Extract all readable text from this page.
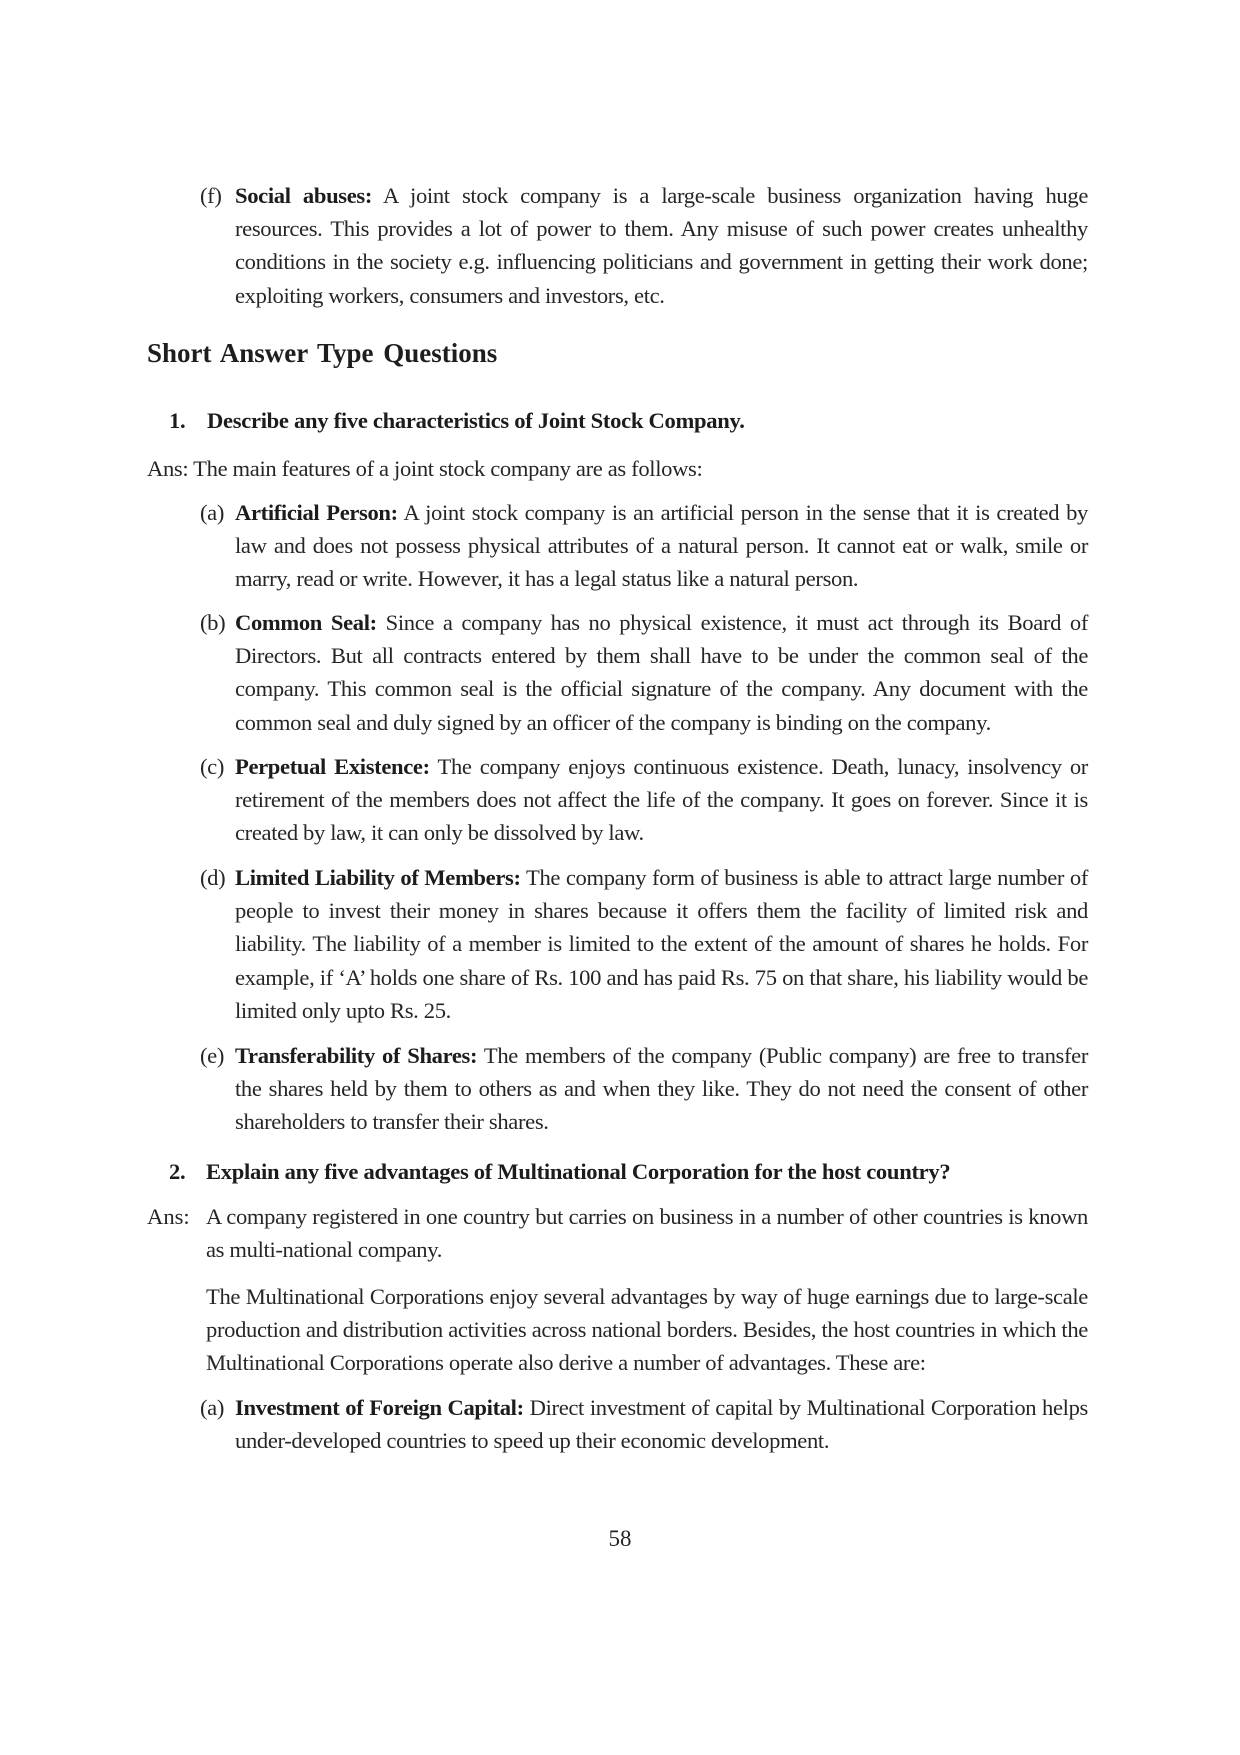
(f) Social abuses: A joint stock company is a large-scale business organization having huge resources. This provides a lot of power to them. Any misuse of such power creates unhealthy conditions in the society e.g. influencing politicians and government in getting their work done; exploiting workers, consumers and investors, etc.
Short Answer Type Questions
1. Describe any five characteristics of Joint Stock Company.
Ans: The main features of a joint stock company are as follows:
(a) Artificial Person: A joint stock company is an artificial person in the sense that it is created by law and does not possess physical attributes of a natural person. It cannot eat or walk, smile or marry, read or write. However, it has a legal status like a natural person.
(b) Common Seal: Since a company has no physical existence, it must act through its Board of Directors. But all contracts entered by them shall have to be under the common seal of the company. This common seal is the official signature of the company. Any document with the common seal and duly signed by an officer of the company is binding on the company.
(c) Perpetual Existence: The company enjoys continuous existence. Death, lunacy, insolvency or retirement of the members does not affect the life of the company. It goes on forever. Since it is created by law, it can only be dissolved by law.
(d) Limited Liability of Members: The company form of business is able to attract large number of people to invest their money in shares because it offers them the facility of limited risk and liability. The liability of a member is limited to the extent of the amount of shares he holds. For example, if ‘A’ holds one share of Rs. 100 and has paid Rs. 75 on that share, his liability would be limited only upto Rs. 25.
(e) Transferability of Shares: The members of the company (Public company) are free to transfer the shares held by them to others as and when they like. They do not need the consent of other shareholders to transfer their shares.
2. Explain any five advantages of Multinational Corporation for the host country?
Ans: A company registered in one country but carries on business in a number of other countries is known as multi-national company.
The Multinational Corporations enjoy several advantages by way of huge earnings due to large-scale production and distribution activities across national borders. Besides, the host countries in which the Multinational Corporations operate also derive a number of advantages. These are:
(a) Investment of Foreign Capital: Direct investment of capital by Multinational Corporation helps under-developed countries to speed up their economic development.
58
